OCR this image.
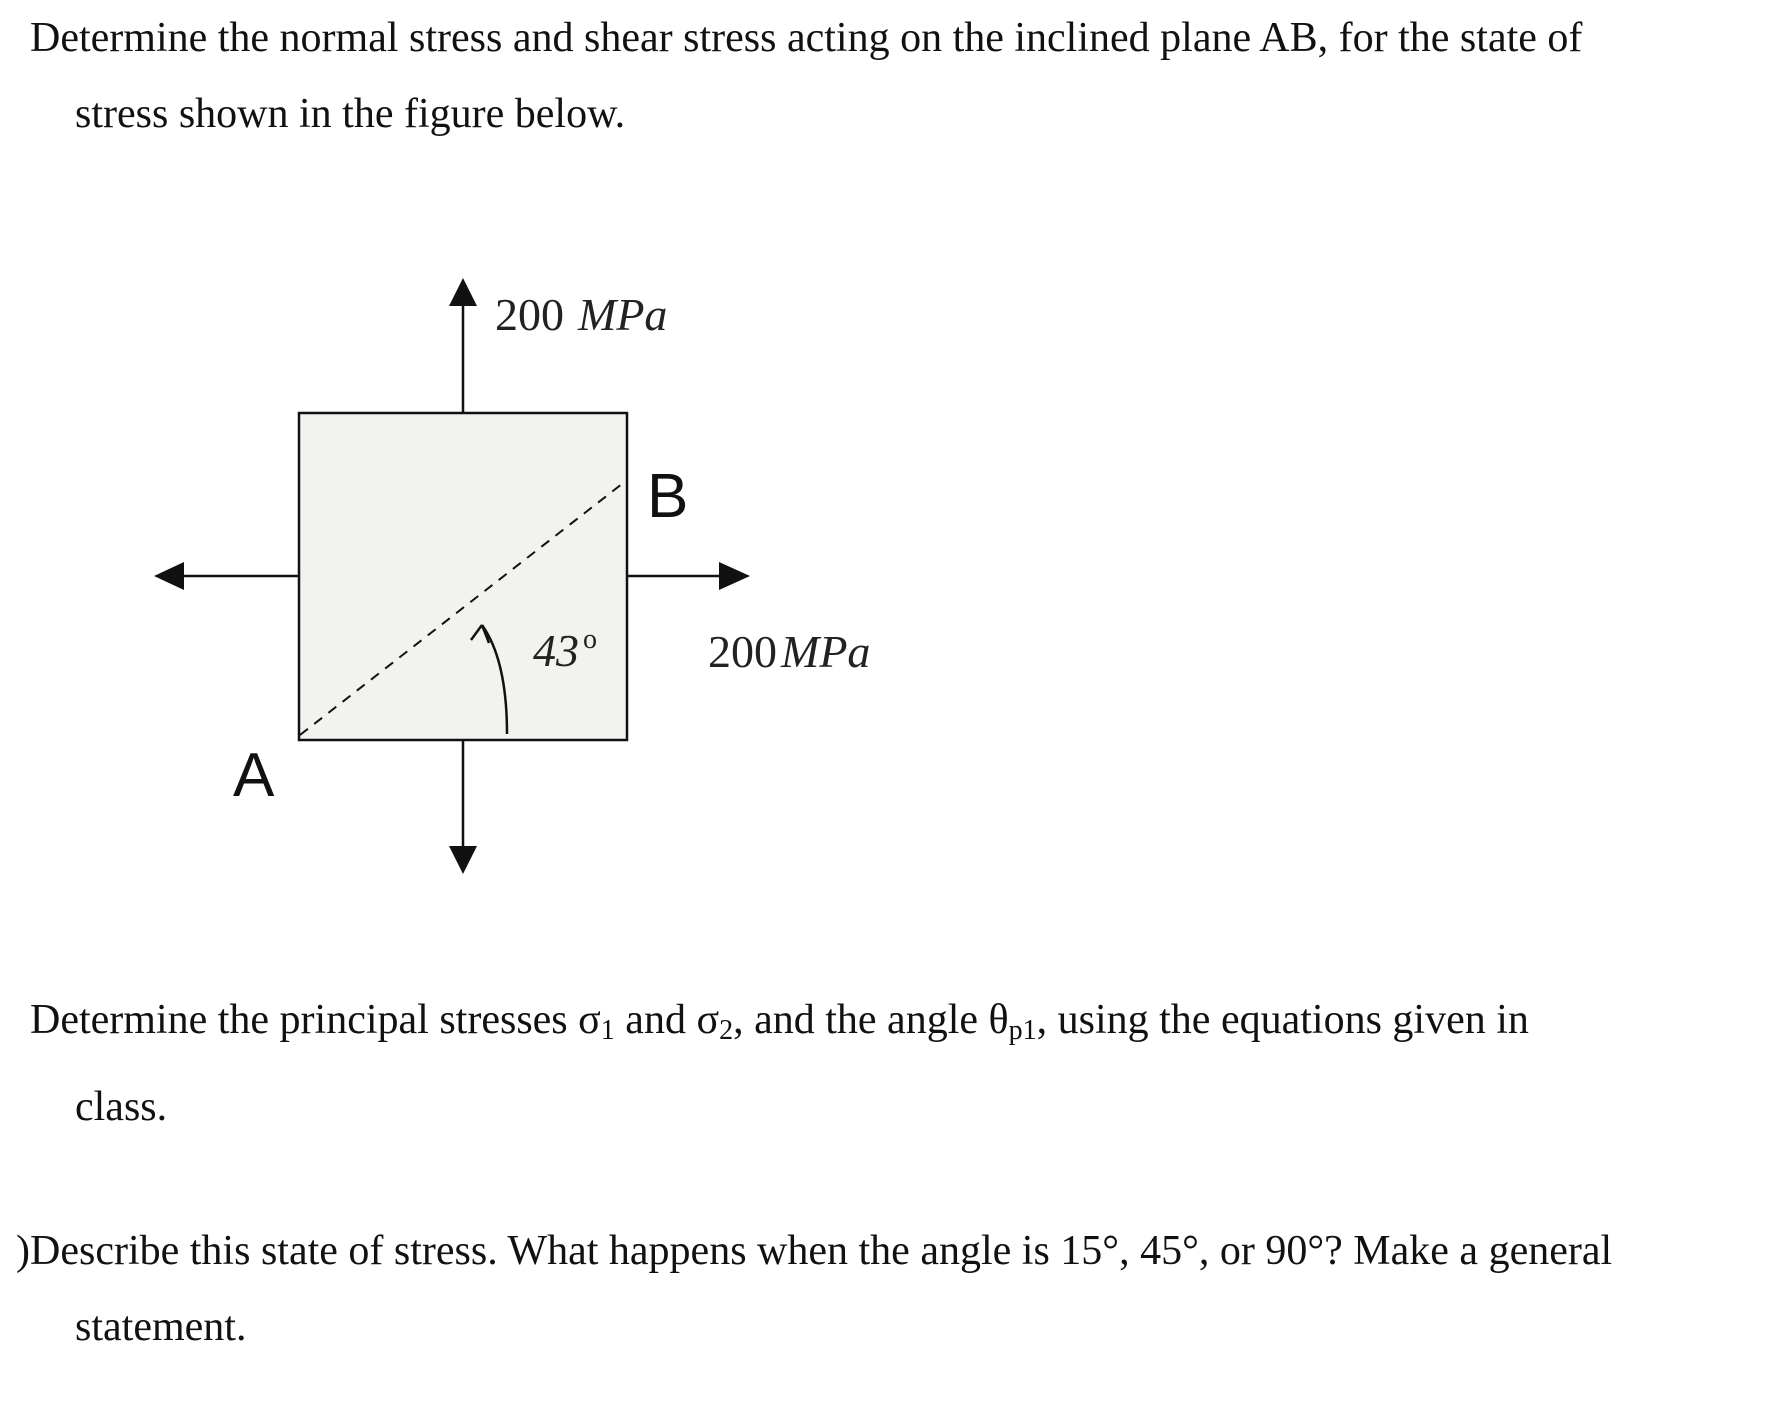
Determine the normal stress and shear stress acting on the inclined plane AB, for the state of
stress shown in the figure below.

200 MPa
200 MPa
43 o
B
A

Determine the principal stresses $\sigma_1$ and $\sigma_2$, and the angle $\theta_{p1}$, using the equations given in
class.

) Describe this state of stress. What happens when the angle is 15°, 45°, or 90°? Make a general
statement.
